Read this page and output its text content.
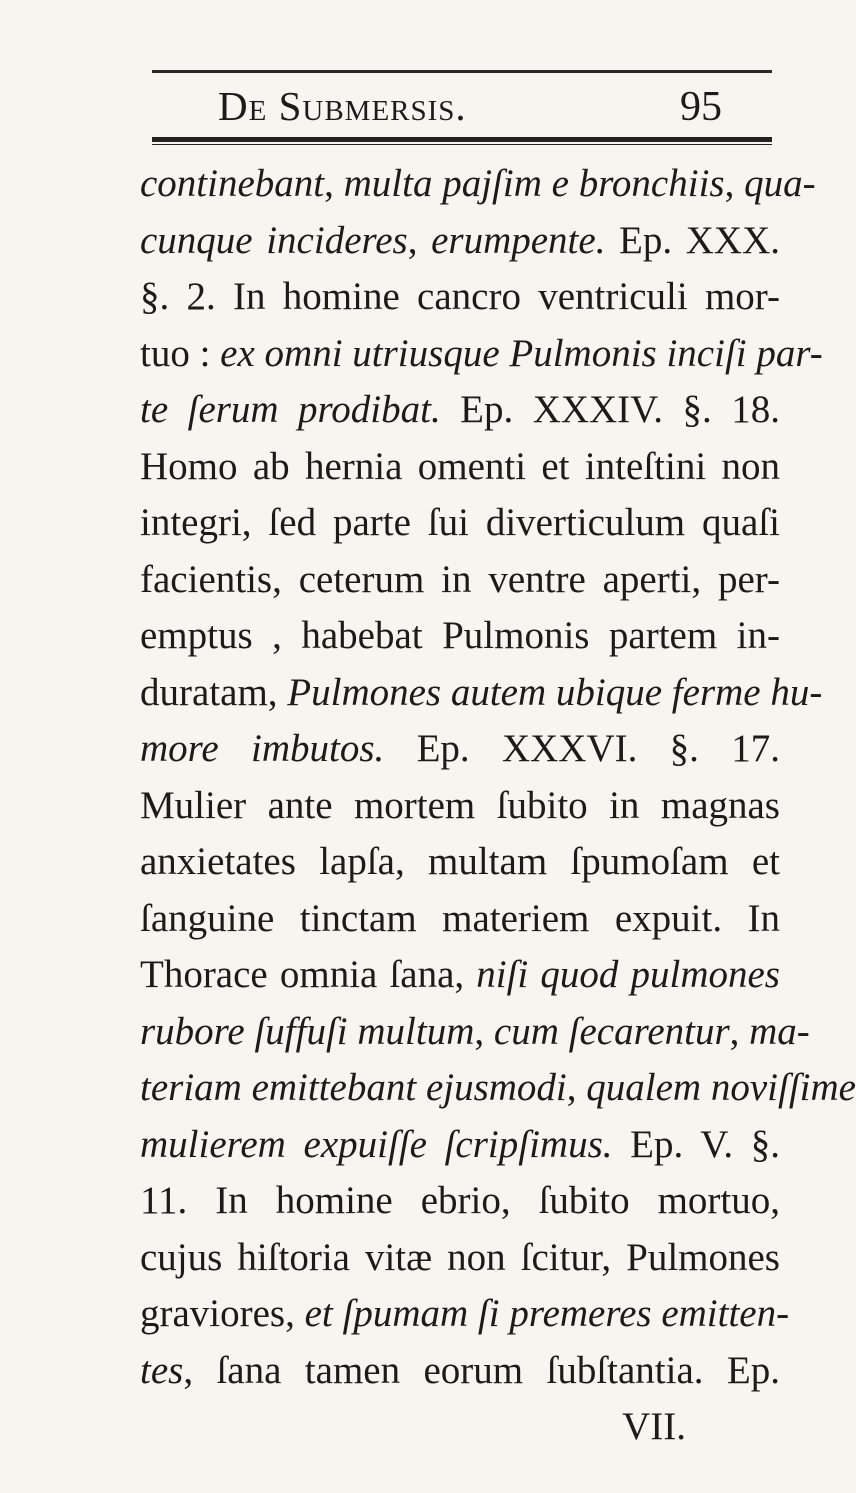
De Submersis.	95
continebant, multa pajſim e bronchiis, qua-
cunque incideres, erumpente. Ep. XXX.
§. 2. In homine cancro ventriculi mor-
tuo : ex omni utriusque Pulmonis inciſi par-
te ſerum prodibat. Ep. XXXIV. §. 18.
Homo ab hernia omenti et inteſtini non
integri, ſed parte ſui diverticulum quaſi
facientis, ceterum in ventre aperti, per-
emptus , habebat Pulmonis partem in-
duratam, Pulmones autem ubique ferme hu-
more imbutos. Ep. XXXVI. §. 17.
Mulier ante mortem ſubito in magnas
anxietates lapſa, multam ſpumoſam et
ſanguine tinctam materiem expuit. In
Thorace omnia ſana, niſi quod pulmones
rubore ſuffuſi multum, cum ſecarentur, ma-
teriam emittebant ejusmodi, qualem noviſſime
mulierem expuiſſe ſcripſimus. Ep. V. §.
11. In homine ebrio, ſubito mortuo,
cujus hiſtoria vitæ non ſcitur, Pulmones
graviores, et ſpumam ſi premeres emitten-
tes, ſana tamen eorum ſubſtantia. Ep.
VII.
